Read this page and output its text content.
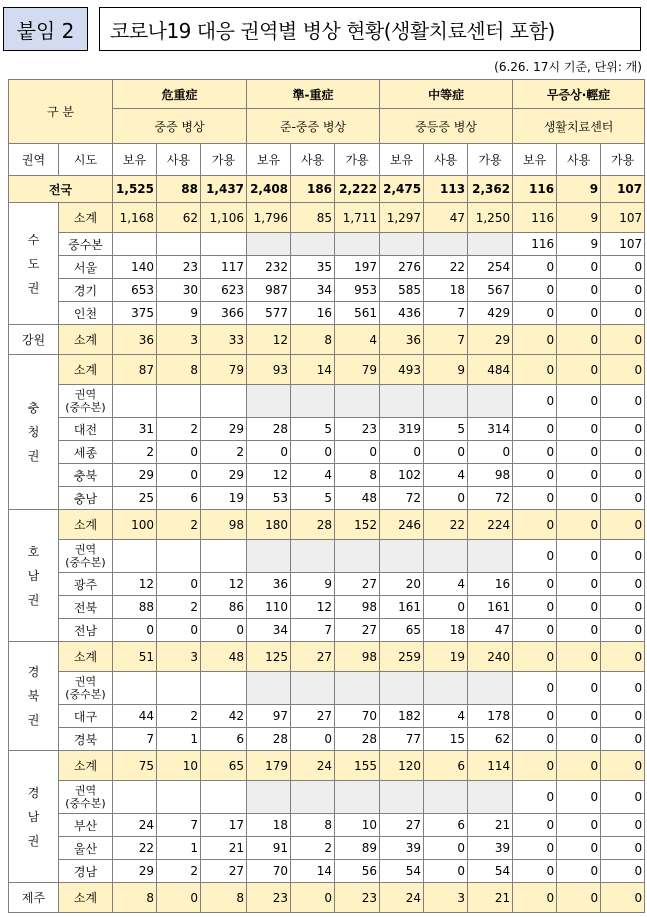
붙임 2	코로나19 대응 권역별 병상 현황(생활치료센터 포함)
(6.26. 17시 기준, 단위: 개)
구 분		危重症			準-重症			中等症			무증상·輕症		
		중증 병상			준-중증 병상			중등증 병상			생활치료센터		
권역	시도	보유	사용	가용	보유	사용	가용	보유	사용	가용	보유	사용	가용
전국		1,525	88	1,437	2,408	186	2,222	2,475	113	2,362	116	9	107

수
도
권	소계	1,168	62	1,106	1,796	85	1,711	1,297	47	1,250	116	9	107
	중수본										116	9	107
	서울	140	23	117	232	35	197	276	22	254	0	0	0
	경기	653	30	623	987	34	953	585	18	567	0	0	0
	인천	375	9	366	577	16	561	436	7	429	0	0	0

강원	소계	36	3	33	12	8	4	36	7	29	0	0	0

충
청
권	소계	87	8	79	93	14	79	493	9	484	0	0	0
	권역
(중수본)										0	0	0
	대전	31	2	29	28	5	23	319	5	314	0	0	0
	세종	2	0	2	0	0	0	0	0	0	0	0	0
	충북	29	0	29	12	4	8	102	4	98	0	0	0
	충남	25	6	19	53	5	48	72	0	72	0	0	0

호
남
권	소계	100	2	98	180	28	152	246	22	224	0	0	0
	권역
(중수본)										0	0	0
	광주	12	0	12	36	9	27	20	4	16	0	0	0
	전북	88	2	86	110	12	98	161	0	161	0	0	0
	전남	0	0	0	34	7	27	65	18	47	0	0	0

경
북
권	소계	51	3	48	125	27	98	259	19	240	0	0	0
	권역
(중수본)										0	0	0
	대구	44	2	42	97	27	70	182	4	178	0	0	0
	경북	7	1	6	28	0	28	77	15	62	0	0	0

경
남
권	소계	75	10	65	179	24	155	120	6	114	0	0	0
	권역
(중수본)										0	0	0
	부산	24	7	17	18	8	10	27	6	21	0	0	0
	울산	22	1	21	91	2	89	39	0	39	0	0	0
	경남	29	2	27	70	14	56	54	0	54	0	0	0

제주	소계	8	0	8	23	0	23	24	3	21	0	0	0
